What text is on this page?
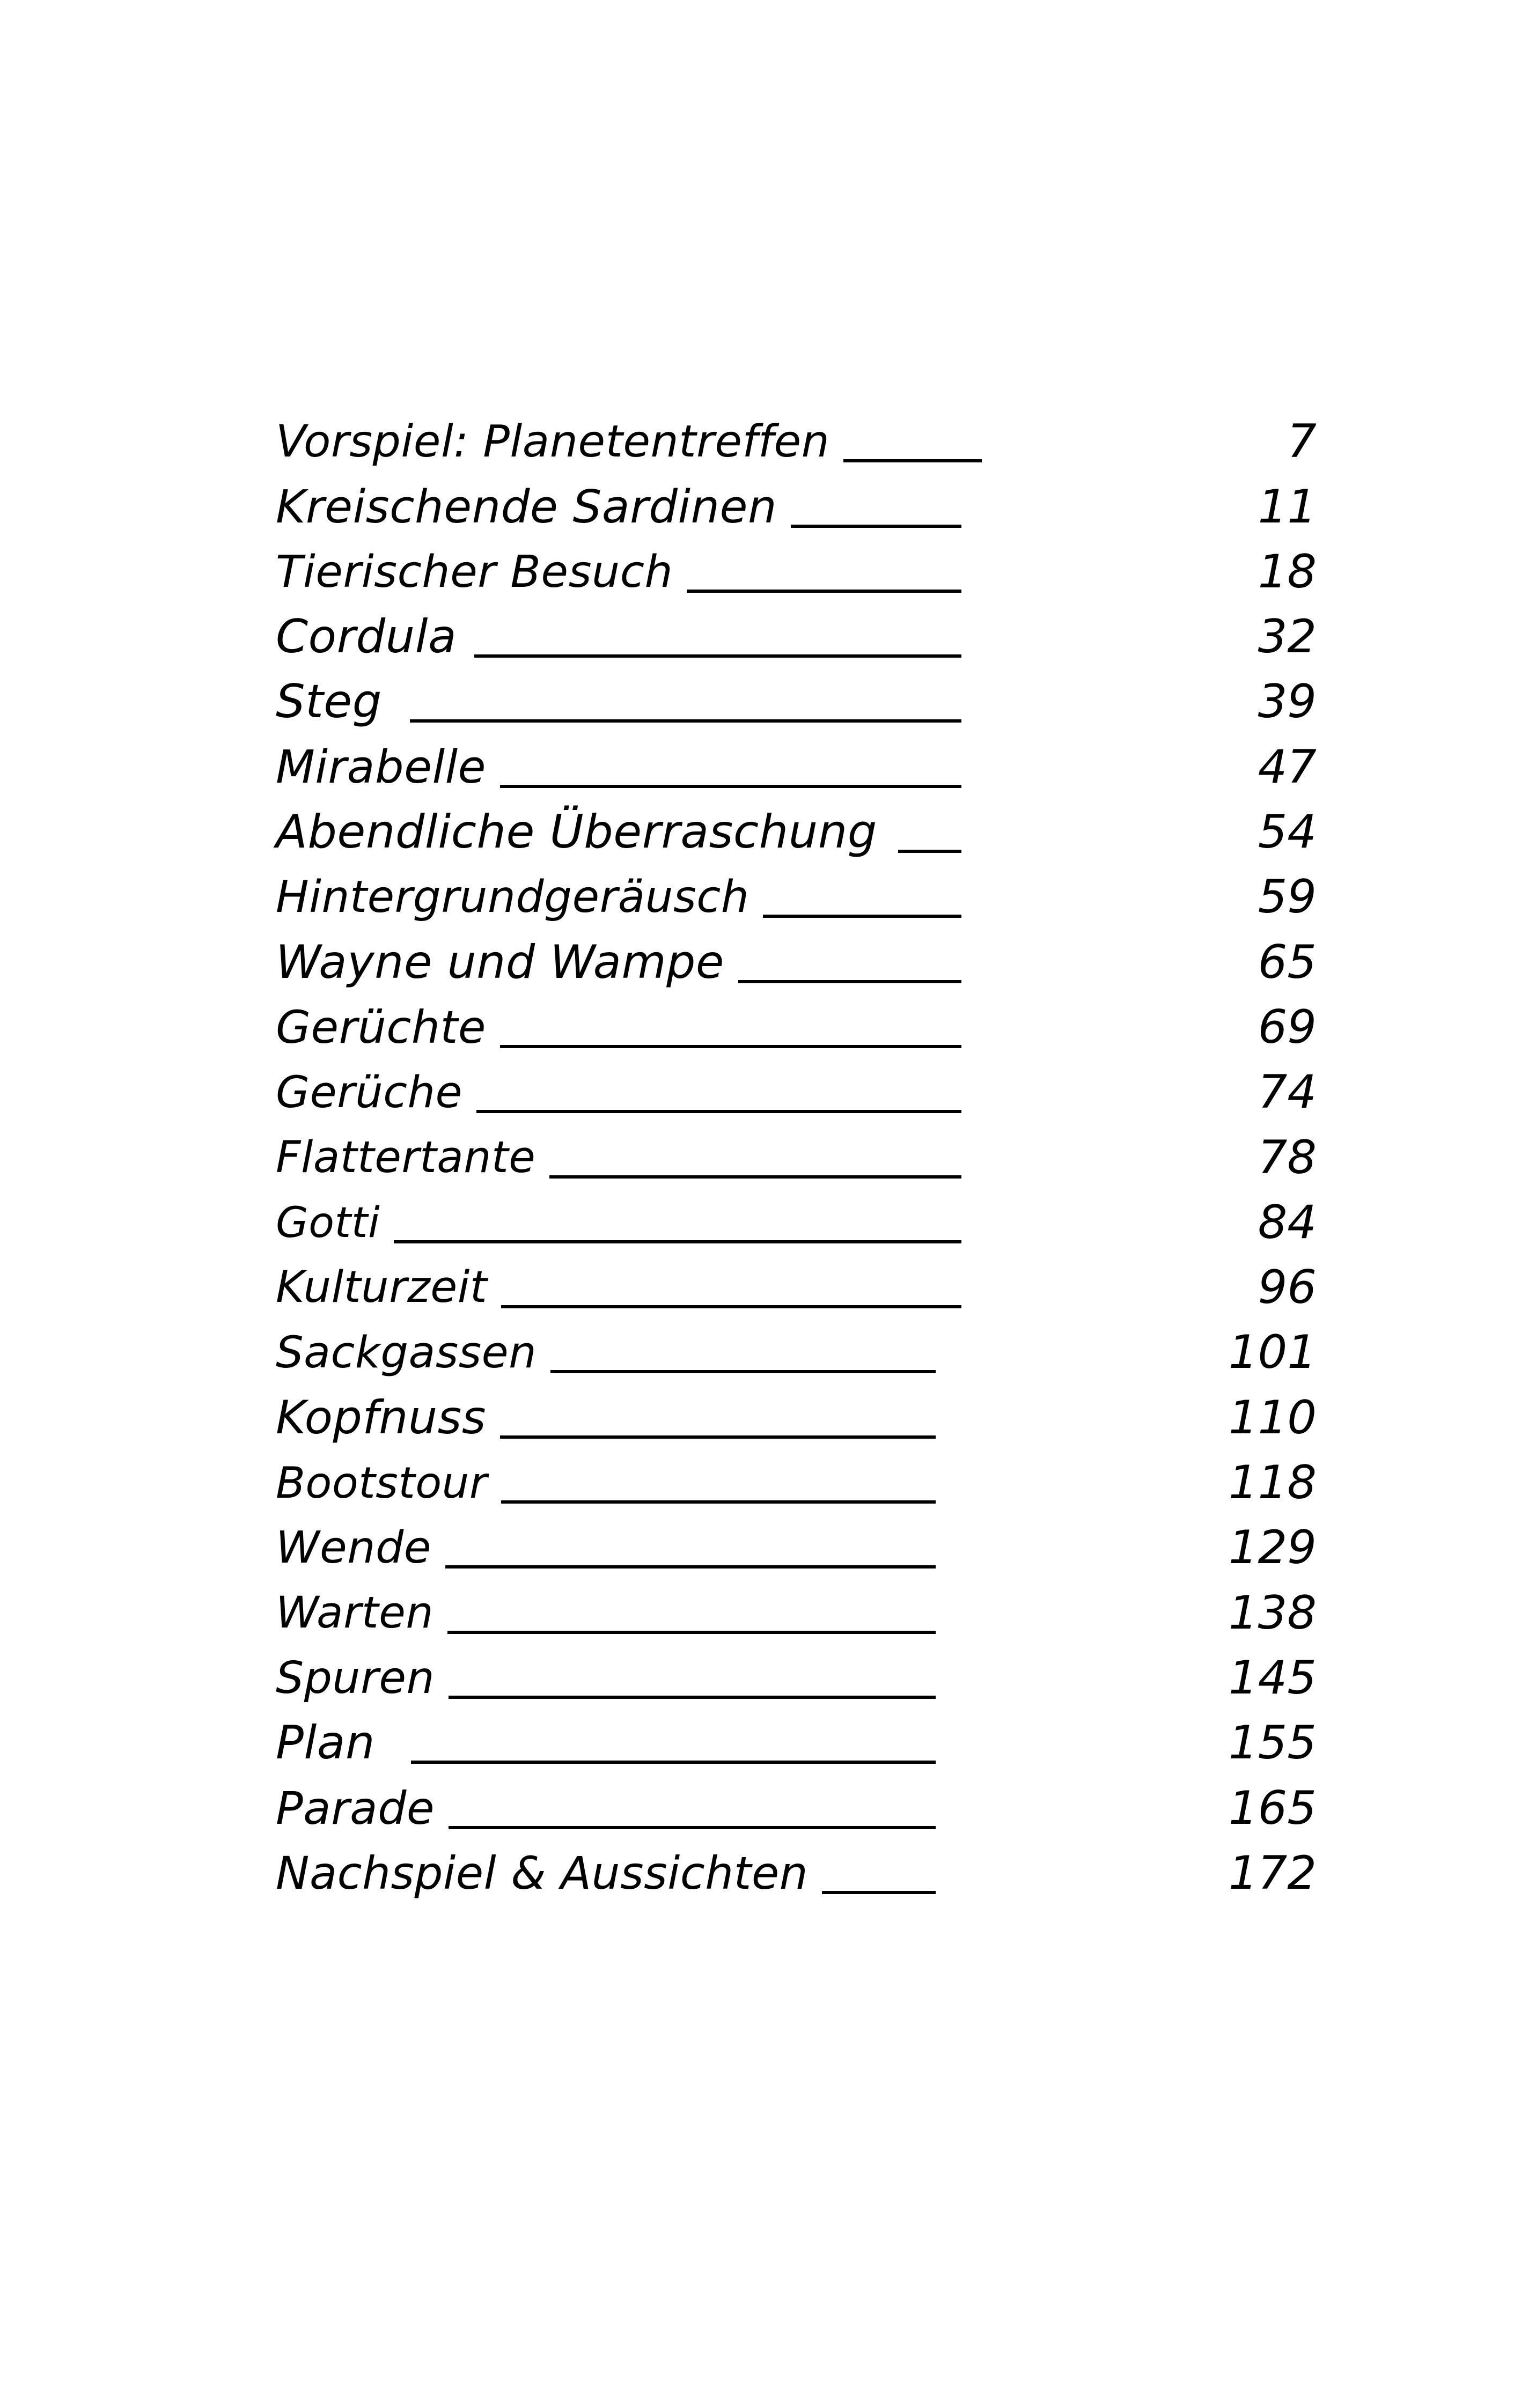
Vorspiel: Planetentreffen	7
Kreischende Sardinen	11
Tierischer Besuch	18
Cordula	32
Steg	39
Mirabelle	47
Abendliche Überraschung	54
Hintergrundgeräusch	59
Wayne und Wampe	65
Gerüchte	69
Gerüche	74
Flattertante	78
Gotti	84
Kulturzeit	96
Sackgassen	101
Kopfnuss	110
Bootstour	118
Wende	129
Warten	138
Spuren	145
Plan	155
Parade	165
Nachspiel & Aussichten	172
